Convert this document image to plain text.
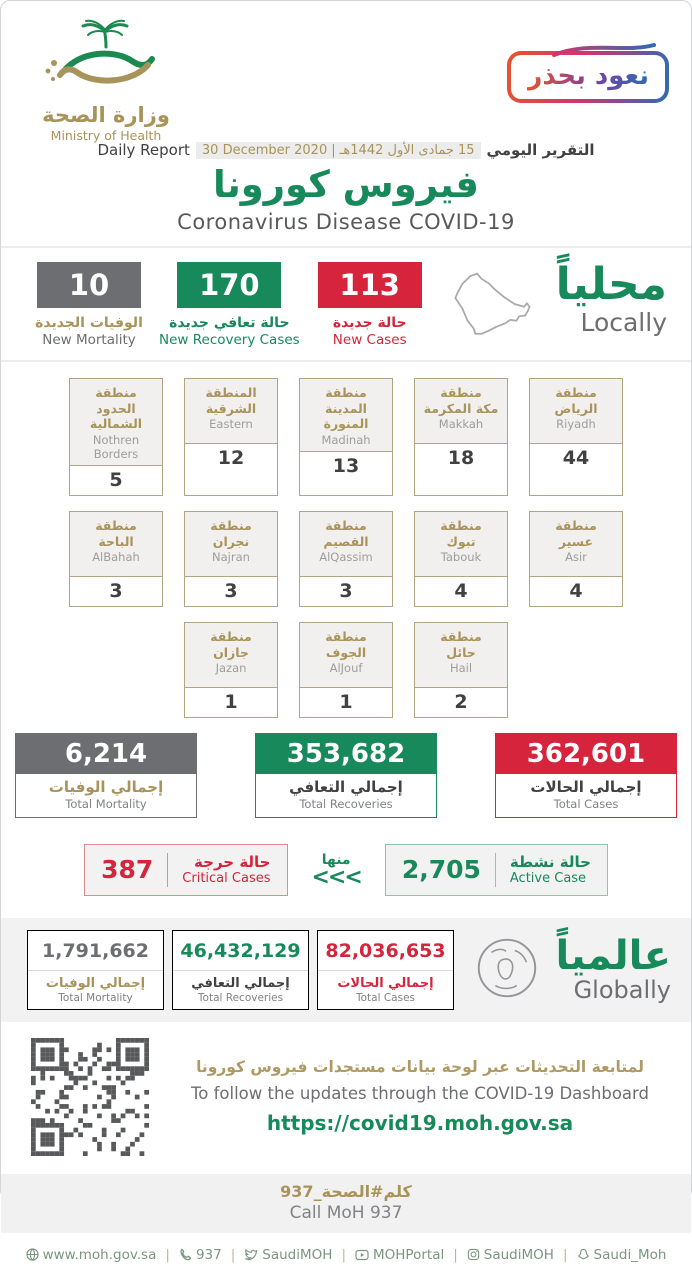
وزارة الصحة
Ministry of Health
نعود بحذر
Daily Report 30 December 2020 | 15 جمادى الأول 1442هـ التقرير اليومي
فيروس كورونا
Coronavirus Disease COVID-19
10
الوفيات الجديدة
New Mortality
170
حالة تعافي جديدة
New Recovery Cases
113
حالة جديدة
New Cases
محلياً
Locally
منطقة
الحدود الشمالية
Nothren Borders
5
المنطقة
الشرقية
Eastern
12
منطقة
المدينة المنورة
Madinah
13
منطقة
مكة المكرمة
Makkah
18
منطقة
الرياض
Riyadh
44
منطقة
الباحة
AlBahah
3
منطقة
نجران
Najran
3
منطقة
القصيم
AlQassim
3
منطقة
تبوك
Tabouk
4
منطقة
عسير
Asir
4
منطقة
جازان
Jazan
1
منطقة
الجوف
AlJouf
1
منطقة
حائل
Hail
2
6,214
إجمالي الوفيات
Total Mortality
353,682
إجمالي التعافي
Total Recoveries
362,601
إجمالي الحالات
Total Cases
387	حالة حرجة
Critical Cases
منها
<<< 2,705 حالة نشطة
Active Case
1,791,662
إجمالي الوفيات
Total Mortality
46,432,129
إجمالي التعافي
Total Recoveries
82,036,653
إجمالي الحالات
Total Cases
عالمياً
Globally
لمتابعة التحديثات عبر لوحة بيانات مستجدات فيروس كورونا
To follow the updates through the COVID-19 Dashboard
https://covid19.moh.gov.sa
كلم#الصحة_937
Call MoH 937
www.moh.gov.sa | 937 | SaudiMOH | MOHPortal | SaudiMOH | Saudi_Moh
